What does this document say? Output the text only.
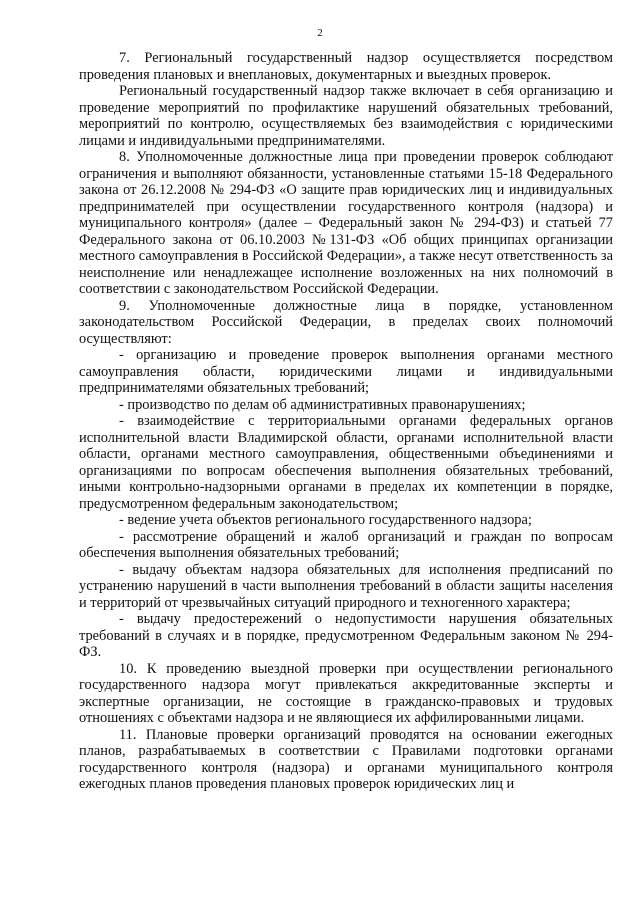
2

7. Региональный государственный надзор осуществляется посредством проведения плановых и внеплановых, документарных и выездных проверок.

Региональный государственный надзор также включает в себя организацию и проведение мероприятий по профилактике нарушений обязательных требований, мероприятий по контролю, осуществляемых без взаимодействия с юридическими лицами и индивидуальными предпринимателями.

8. Уполномоченные должностные лица при проведении проверок соблюдают ограничения и выполняют обязанности, установленные статьями 15-18 Федерального закона от 26.12.2008 № 294-ФЗ «О защите прав юридических лиц и индивидуальных предпринимателей при осуществлении государственного контроля (надзора) и муниципального контроля» (далее – Федеральный закон № 294-ФЗ) и статьей 77 Федерального закона от 06.10.2003 №131-ФЗ «Об общих принципах организации местного самоуправления в Российской Федерации», а также несут ответственность за неисполнение или ненадлежащее исполнение возложенных на них полномочий в соответствии с законодательством Российской Федерации.

9. Уполномоченные должностные лица в порядке, установленном законодательством Российской Федерации, в пределах своих полномочий осуществляют:

- организацию и проведение проверок выполнения органами местного самоуправления области, юридическими лицами и индивидуальными предпринимателями обязательных требований;

- производство по делам об административных правонарушениях;

- взаимодействие с территориальными органами федеральных органов исполнительной власти Владимирской области, органами исполнительной власти области, органами местного самоуправления, общественными объединениями и организациями по вопросам обеспечения выполнения обязательных требований, иными контрольно-надзорными органами в пределах их компетенции в порядке, предусмотренном федеральным законодательством;

- ведение учета объектов регионального государственного надзора;

- рассмотрение обращений и жалоб организаций и граждан по вопросам обеспечения выполнения обязательных требований;

- выдачу объектам надзора обязательных для исполнения предписаний по устранению нарушений в части выполнения требований в области защиты населения и территорий от чрезвычайных ситуаций природного и техногенного характера;

- выдачу предостережений о недопустимости нарушения обязательных требований в случаях и в порядке, предусмотренном Федеральным законом № 294-ФЗ.

10. К проведению выездной проверки при осуществлении регионального государственного надзора могут привлекаться аккредитованные эксперты и экспертные организации, не состоящие в гражданско-правовых и трудовых отношениях с объектами надзора и не являющиеся их аффилированными лицами.

11. Плановые проверки организаций проводятся на основании ежегодных планов, разрабатываемых в соответствии с Правилами подготовки органами государственного контроля (надзора) и органами муниципального контроля ежегодных планов проведения плановых проверок юридических лиц и
